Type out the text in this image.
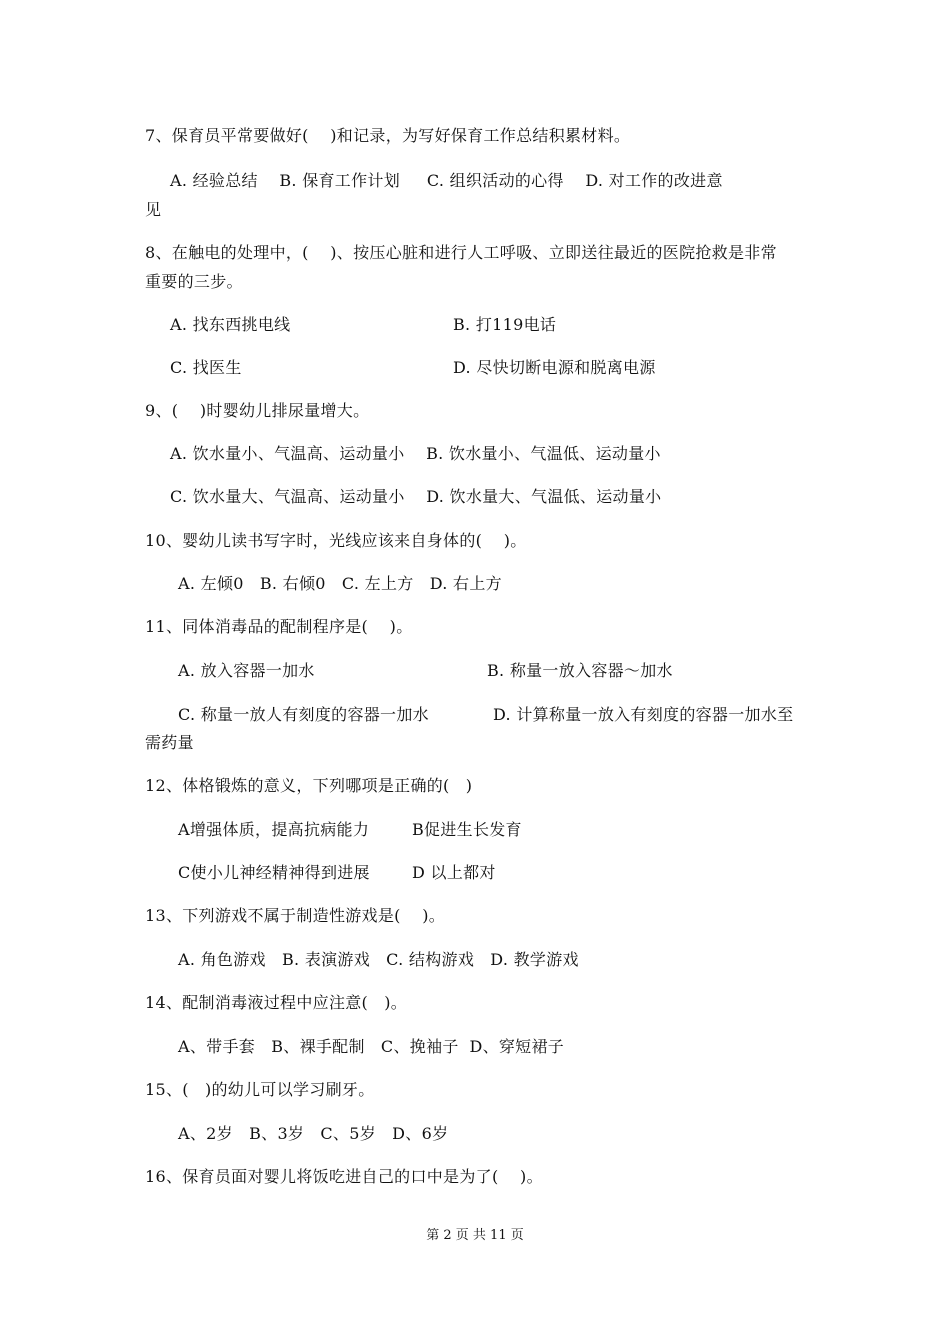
7、保育员平常要做好(    )和记录，为写好保育工作总结积累材料。
A. 经验总结    B. 保育工作计划     C. 组织活动的心得    D. 对工作的改进意
见
8、在触电的处理中，(    )、按压心脏和进行人工呼吸、立即送往最近的医院抢救是非常
重要的三步。
A. 找东西挑电线	B. 打119电话
C. 找医生	D. 尽快切断电源和脱离电源
9、(    )时婴幼儿排尿量增大。
A. 饮水量小、气温高、运动量小    B. 饮水量小、气温低、运动量小
C. 饮水量大、气温高、运动量小    D. 饮水量大、气温低、运动量小
10、婴幼儿读书写字时，光线应该来自身体的(    )。
A. 左倾0   B. 右倾0   C. 左上方   D. 右上方
11、同体消毒品的配制程序是(    )。
A. 放入容器一加水	B. 称量一放入容器～加水
C. 称量一放人有刻度的容器一加水	D. 计算称量一放入有刻度的容器一加水至
需药量
12、体格锻炼的意义，下列哪项是正确的(   )
A增强体质，提高抗病能力	B促进生长发育
C使小儿神经精神得到进展	D 以上都对
13、下列游戏不属于制造性游戏是(    )。
A. 角色游戏   B. 表演游戏   C. 结构游戏   D. 教学游戏
14、配制消毒液过程中应注意(   )。
A、带手套   B、裸手配制   C、挽袖子  D、穿短裙子
15、(   )的幼儿可以学习刷牙。
A、2岁   B、3岁   C、5岁   D、6岁
16、保育员面对婴儿将饭吃进自己的口中是为了(    )。
第 2 页 共 11 页
